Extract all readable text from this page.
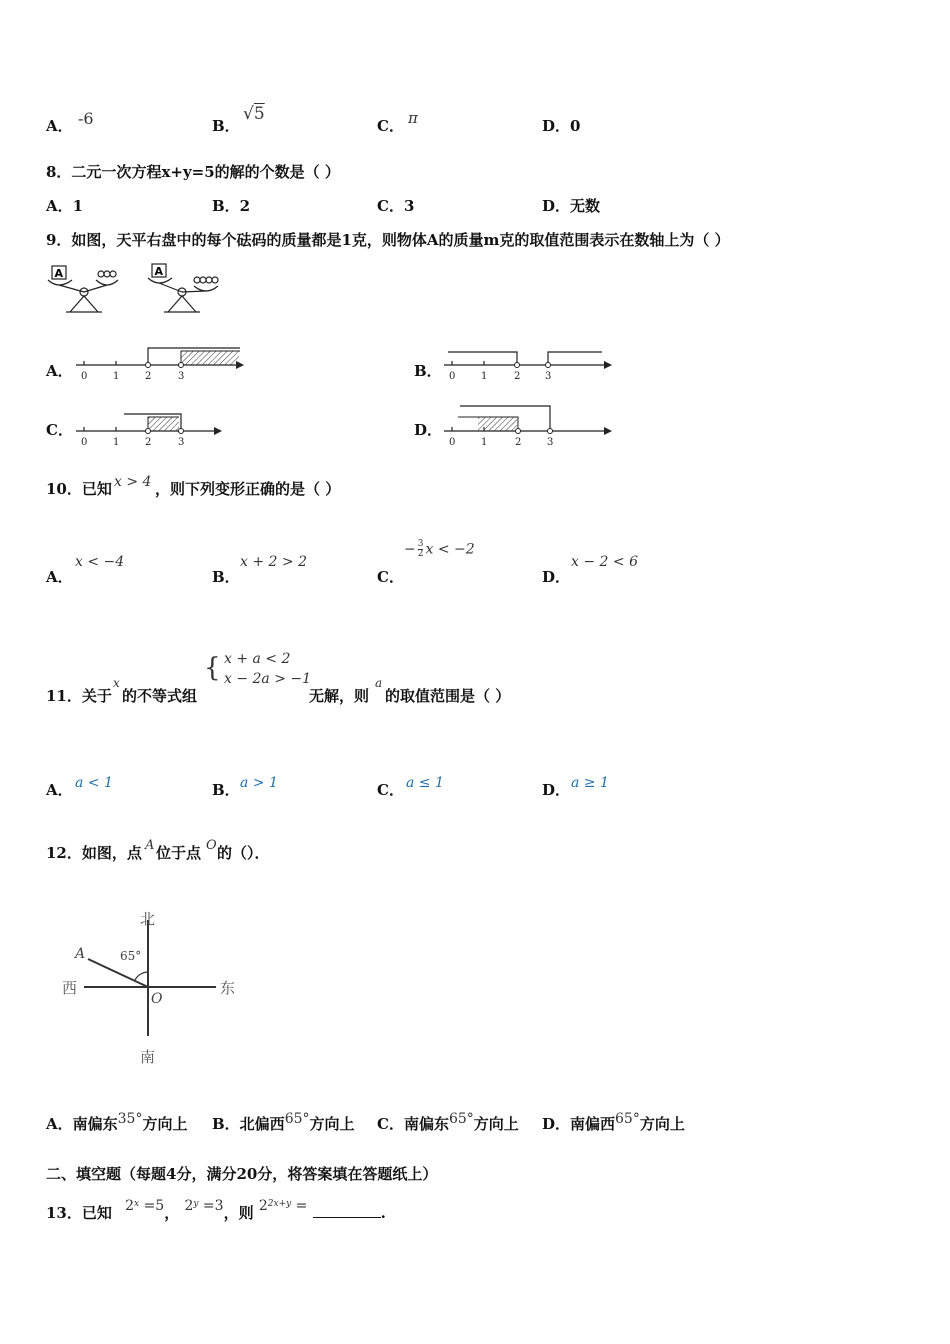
A． -6	B．
√5
C． π	D．0
8．二元一次方程x+y=5的解的个数是（ ）
A．1	B．2	C．3	D．无数
9．如图，天平右盘中的每个砝码的质量都是1克，则物体A的质量m克的取值范围表示在数轴上为（ ）
A	A
A． 0	1	2	3	B． 0	1	2 3
C．
0	1	2	3
D．
0	1	2	3
10．已知 x > 4 ，则下列变形正确的是（ ）
A．
x < −4
B．
x + 2 > 2
C．
− $\frac{3}{2}$ x < −2
D．
x − 2 < 6
11．关于
x
的不等式组
{ x + a < 2
x − 2a > −1
无解，则
a
的取值范围是（ ）
A． a < 1	B． a > 1	C． a ≤ 1	D． a ≥ 1
12．如图，点 A 位于点 O 的（）．
北
南
东
西
A
O
65°
A．南偏东35°方向上 B．北偏西65°方向上 C．南偏东65°方向上 D．南偏西65°方向上
二、填空题（每题4分，满分20分，将答案填在答题纸上）
13．已知 $2^x =5$， $2^y =3$，则 $2^{2x+y}$ =	.
